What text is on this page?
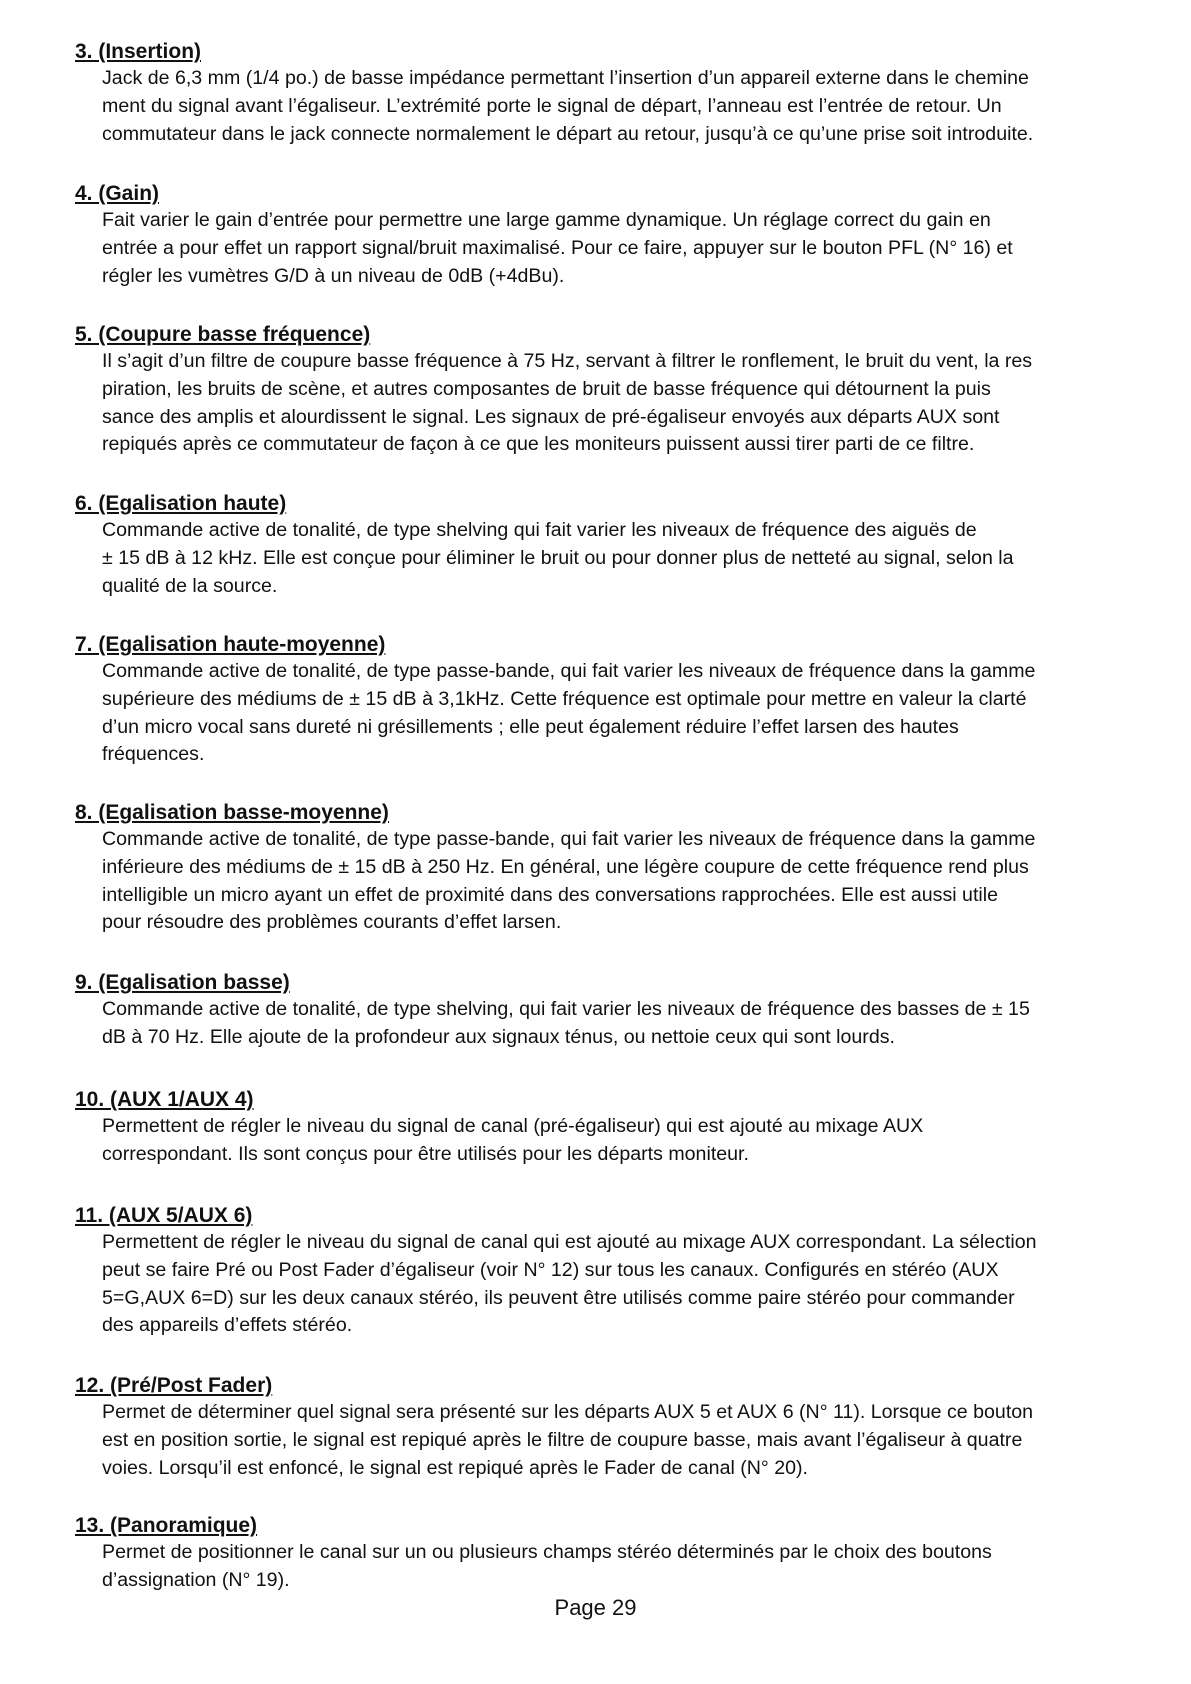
3. (Insertion)

Jack de 6,3 mm (1/4 po.) de basse impédance permettant l’insertion d’un appareil externe dans le chemine
ment du signal avant l’égaliseur. L’extrémité porte le signal de départ, l’anneau est l’entrée de retour. Un
commutateur dans le jack connecte normalement le départ au retour, jusqu’à ce qu’une prise soit introduite.

4. (Gain)

Fait varier le gain d’entrée pour permettre une large gamme dynamique. Un réglage correct du gain en
entrée a pour effet un rapport signal/bruit maximalisé. Pour ce faire, appuyer sur le bouton PFL (N° 16) et
régler les vumètres G/D à un niveau de 0dB (+4dBu).

5. (Coupure basse fréquence)

Il s’agit d’un filtre de coupure basse fréquence à 75 Hz, servant à filtrer le ronflement, le bruit du vent, la res
piration, les bruits de scène, et autres composantes de bruit de basse fréquence qui détournent la puis
sance des amplis et alourdissent le signal. Les signaux de pré-égaliseur envoyés aux départs AUX sont
repiqués après ce commutateur de façon à ce que les moniteurs puissent aussi tirer parti de ce filtre.

6. (Egalisation haute)

Commande active de tonalité, de type shelving qui fait varier les niveaux de fréquence des aiguës de
± 15 dB à 12 kHz. Elle est conçue pour éliminer le bruit ou pour donner plus de netteté au signal, selon la
qualité de la source.

7. (Egalisation haute-moyenne)

Commande active de tonalité, de type passe-bande, qui fait varier les niveaux de fréquence dans la gamme
supérieure des médiums de ± 15 dB à 3,1kHz. Cette fréquence est optimale pour mettre en valeur la clarté
d’un micro vocal sans dureté ni grésillements ; elle peut également réduire l’effet larsen des hautes
fréquences.

8. (Egalisation basse-moyenne)

Commande active de tonalité, de type passe-bande, qui fait varier les niveaux de fréquence dans la gamme
inférieure des médiums de ± 15 dB à 250 Hz. En général, une légère coupure de cette fréquence rend plus
intelligible un micro ayant un effet de proximité dans des conversations rapprochées. Elle est aussi utile
pour résoudre des problèmes courants d’effet larsen.

9. (Egalisation basse)

Commande active de tonalité, de type shelving, qui fait varier les niveaux de fréquence des basses de ± 15
dB à 70 Hz. Elle ajoute de la profondeur aux signaux ténus, ou nettoie ceux qui sont lourds.

10. (AUX 1/AUX 4)

Permettent de régler le niveau du signal de canal (pré-égaliseur) qui est ajouté au mixage AUX
correspondant. Ils sont conçus pour être utilisés pour les départs moniteur.

11. (AUX 5/AUX 6)

Permettent de régler le niveau du signal de canal qui est ajouté au mixage AUX correspondant. La sélection
peut se faire Pré ou Post Fader d’égaliseur (voir N° 12) sur tous les canaux. Configurés en stéréo (AUX
5=G,AUX 6=D) sur les deux canaux stéréo, ils peuvent être utilisés comme paire stéréo pour commander
des appareils d’effets stéréo.

12. (Pré/Post Fader)

Permet de déterminer quel signal sera présenté sur les départs AUX 5 et AUX 6 (N° 11). Lorsque ce bouton
est en position sortie, le signal est repiqué après le filtre de coupure basse, mais avant l’égaliseur à quatre
voies. Lorsqu’il est enfoncé, le signal est repiqué après le Fader de canal (N° 20).

13. (Panoramique)

Permet de positionner le canal sur un ou plusieurs champs stéréo déterminés par le choix des boutons
d’assignation (N° 19).

Page 29
